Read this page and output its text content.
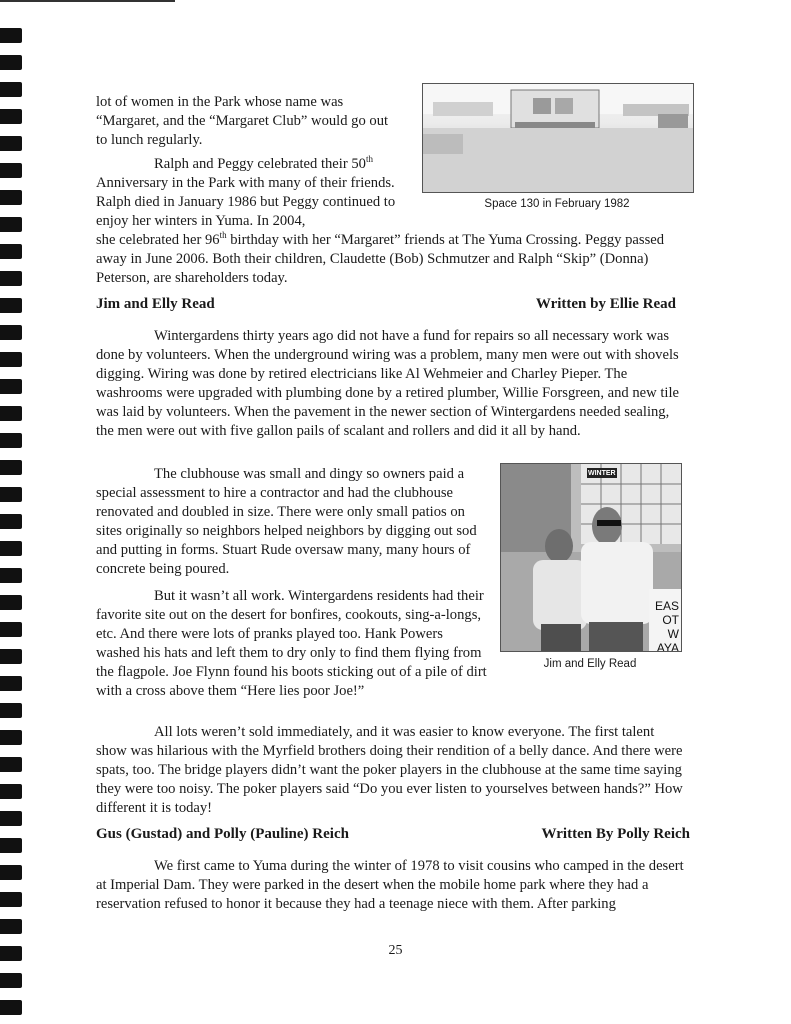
lot of women in the Park whose name was “Margaret, and the “Margaret Club” would go out to lunch regularly.

Ralph and Peggy celebrated their 50th Anniversary in the Park with many of their friends. Ralph died in January 1986 but Peggy continued to enjoy her winters in Yuma. In 2004,

she celebrated her 96th birthday with her “Margaret” friends at The Yuma Crossing. Peggy passed away in June 2006. Both their children, Claudette (Bob) Schmutzer and Ralph “Skip” (Donna) Peterson, are shareholders today.

Space 130 in February 1982
Jim and Elly Read	Written by Ellie Read

Wintergardens thirty years ago did not have a fund for repairs so all necessary work was done by volunteers. When the underground wiring was a problem, many men were out with shovels digging. Wiring was done by retired electricians like Al Wehmeier and Charley Pieper. The washrooms were upgraded with plumbing done by a retired plumber, Willie Forsgreen, and new tile was laid by volunteers. When the pavement in the newer section of Wintergardens needed sealing, the men were out with five gallon pails of scalant and rollers and did it all by hand.

The clubhouse was small and dingy so owners paid a special assessment to hire a contractor and had the clubhouse renovated and doubled in size. There were only small patios on sites originally so neighbors helped neighbors by digging out sod and putting in forms. Stuart Rude oversaw many, many hours of concrete being poured.

But it wasn’t all work. Wintergardens residents had their favorite site out on the desert for bonfires, cookouts, sing-a-longs, etc. And there were lots of pranks played too. Hank Powers washed his hats and left them to dry only to find them flying from the flagpole. Joe Flynn found his boots sticking out of a pile of dirt with a cross above them “Here lies poor Joe!”

WINTER
EAS
OT W
AYA
Jim and Elly Read

All lots weren’t sold immediately, and it was easier to know everyone. The first talent show was hilarious with the Myrfield brothers doing their rendition of a belly dance. And there were spats, too. The bridge players didn’t want the poker players in the clubhouse at the same time saying they were too noisy. The poker players said “Do you ever listen to yourselves between hands?” How different it is today!

Gus (Gustad) and Polly (Pauline) Reich	Written By Polly Reich

We first came to Yuma during the winter of 1978 to visit cousins who camped in the desert at Imperial Dam. They were parked in the desert when the mobile home park where they had a reservation refused to honor it because they had a teenage niece with them. After parking

25
